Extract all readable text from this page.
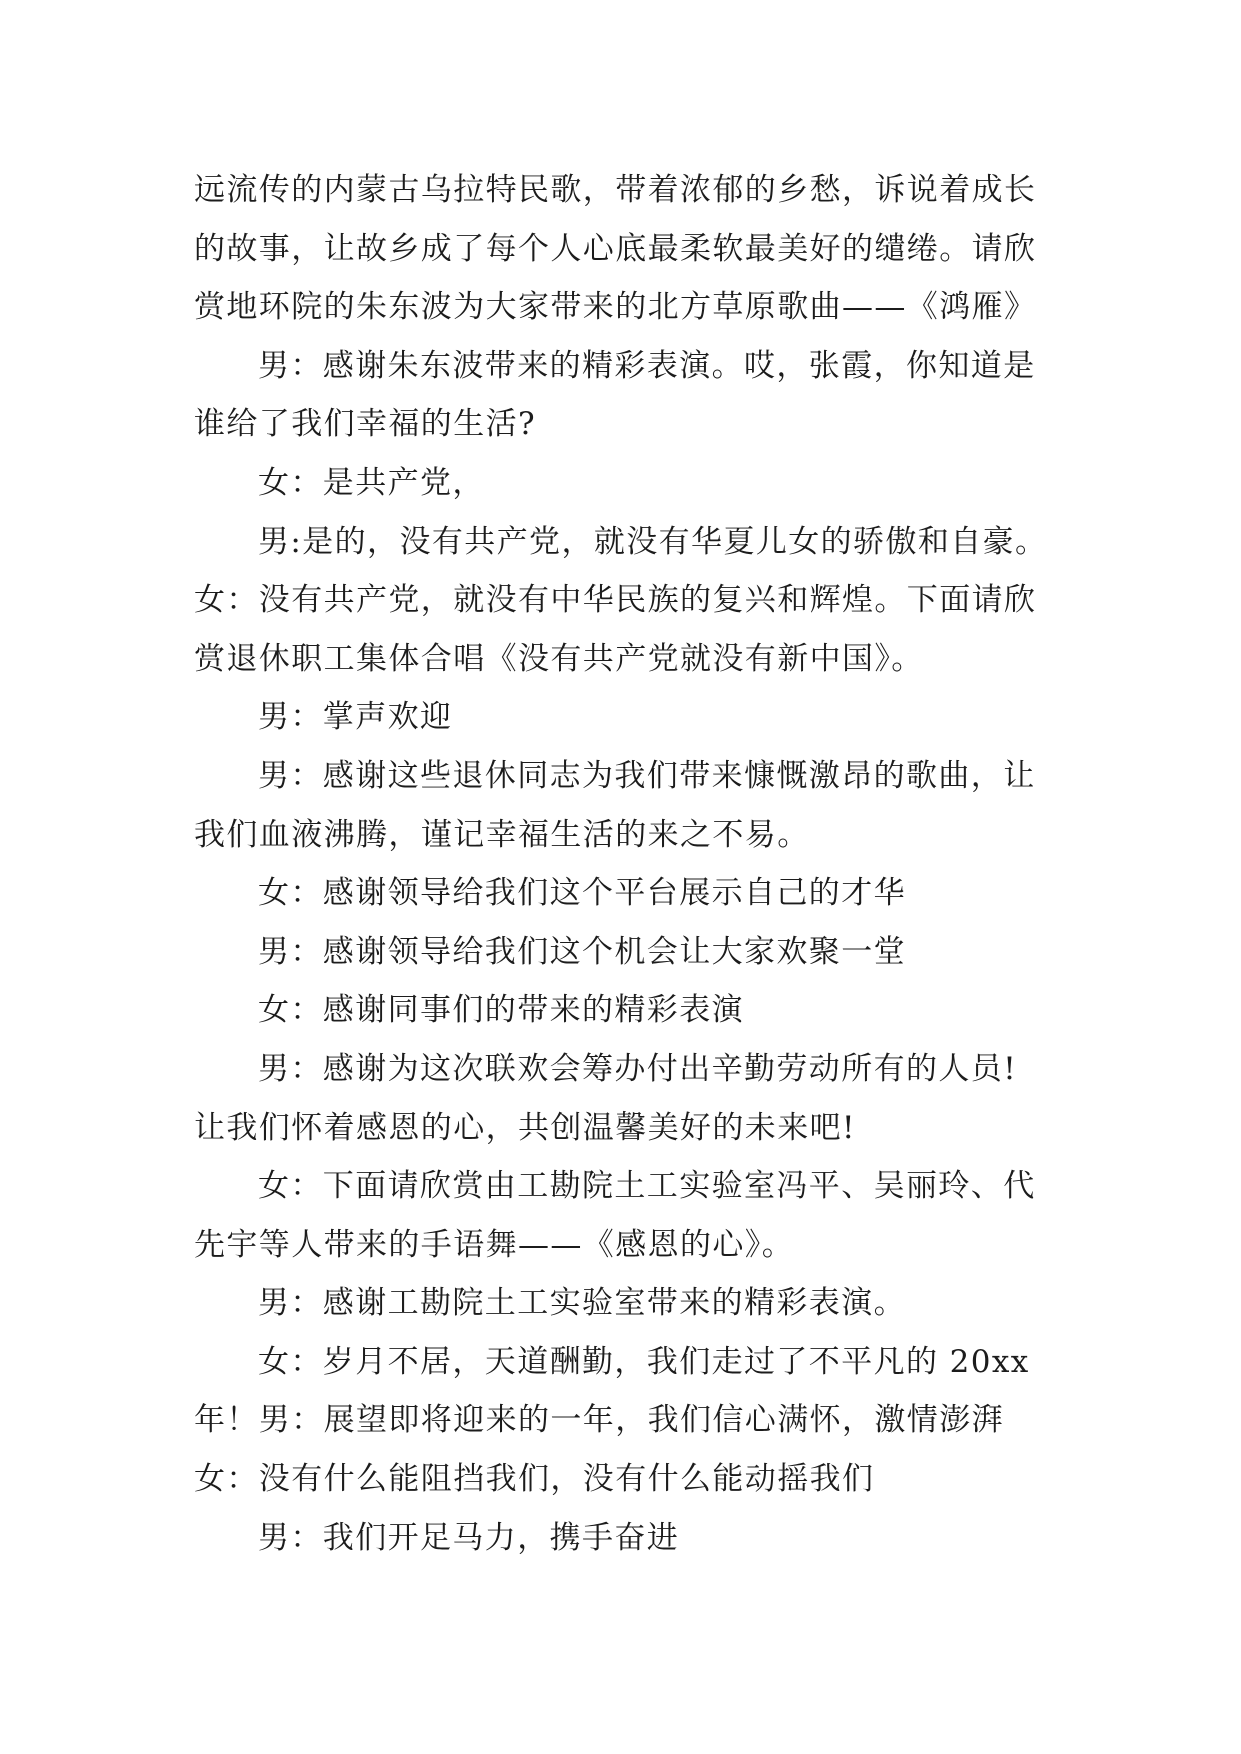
远流传的内蒙古乌拉特民歌，带着浓郁的乡愁，诉说着成长
的故事，让故乡成了每个人心底最柔软最美好的缱绻。请欣
赏地环院的朱东波为大家带来的北方草原歌曲——《鸿雁》
男：感谢朱东波带来的精彩表演。哎，张霞，你知道是
谁给了我们幸福的生活?
女：是共产党，
男:是的，没有共产党，就没有华夏儿女的骄傲和自豪。
女：没有共产党，就没有中华民族的复兴和辉煌。下面请欣
赏退休职工集体合唱《没有共产党就没有新中国》。
男：掌声欢迎
男：感谢这些退休同志为我们带来慷慨激昂的歌曲，让
我们血液沸腾，谨记幸福生活的来之不易。
女：感谢领导给我们这个平台展示自己的才华
男：感谢领导给我们这个机会让大家欢聚一堂
女：感谢同事们的带来的精彩表演
男：感谢为这次联欢会筹办付出辛勤劳动所有的人员!
让我们怀着感恩的心，共创温馨美好的未来吧!
女：下面请欣赏由工勘院土工实验室冯平、吴丽玲、代
先宇等人带来的手语舞——《感恩的心》。
男：感谢工勘院土工实验室带来的精彩表演。
女：岁月不居，天道酬勤，我们走过了不平凡的 20xx
年！男：展望即将迎来的一年，我们信心满怀，激情澎湃
女：没有什么能阻挡我们，没有什么能动摇我们
男：我们开足马力，携手奋进
